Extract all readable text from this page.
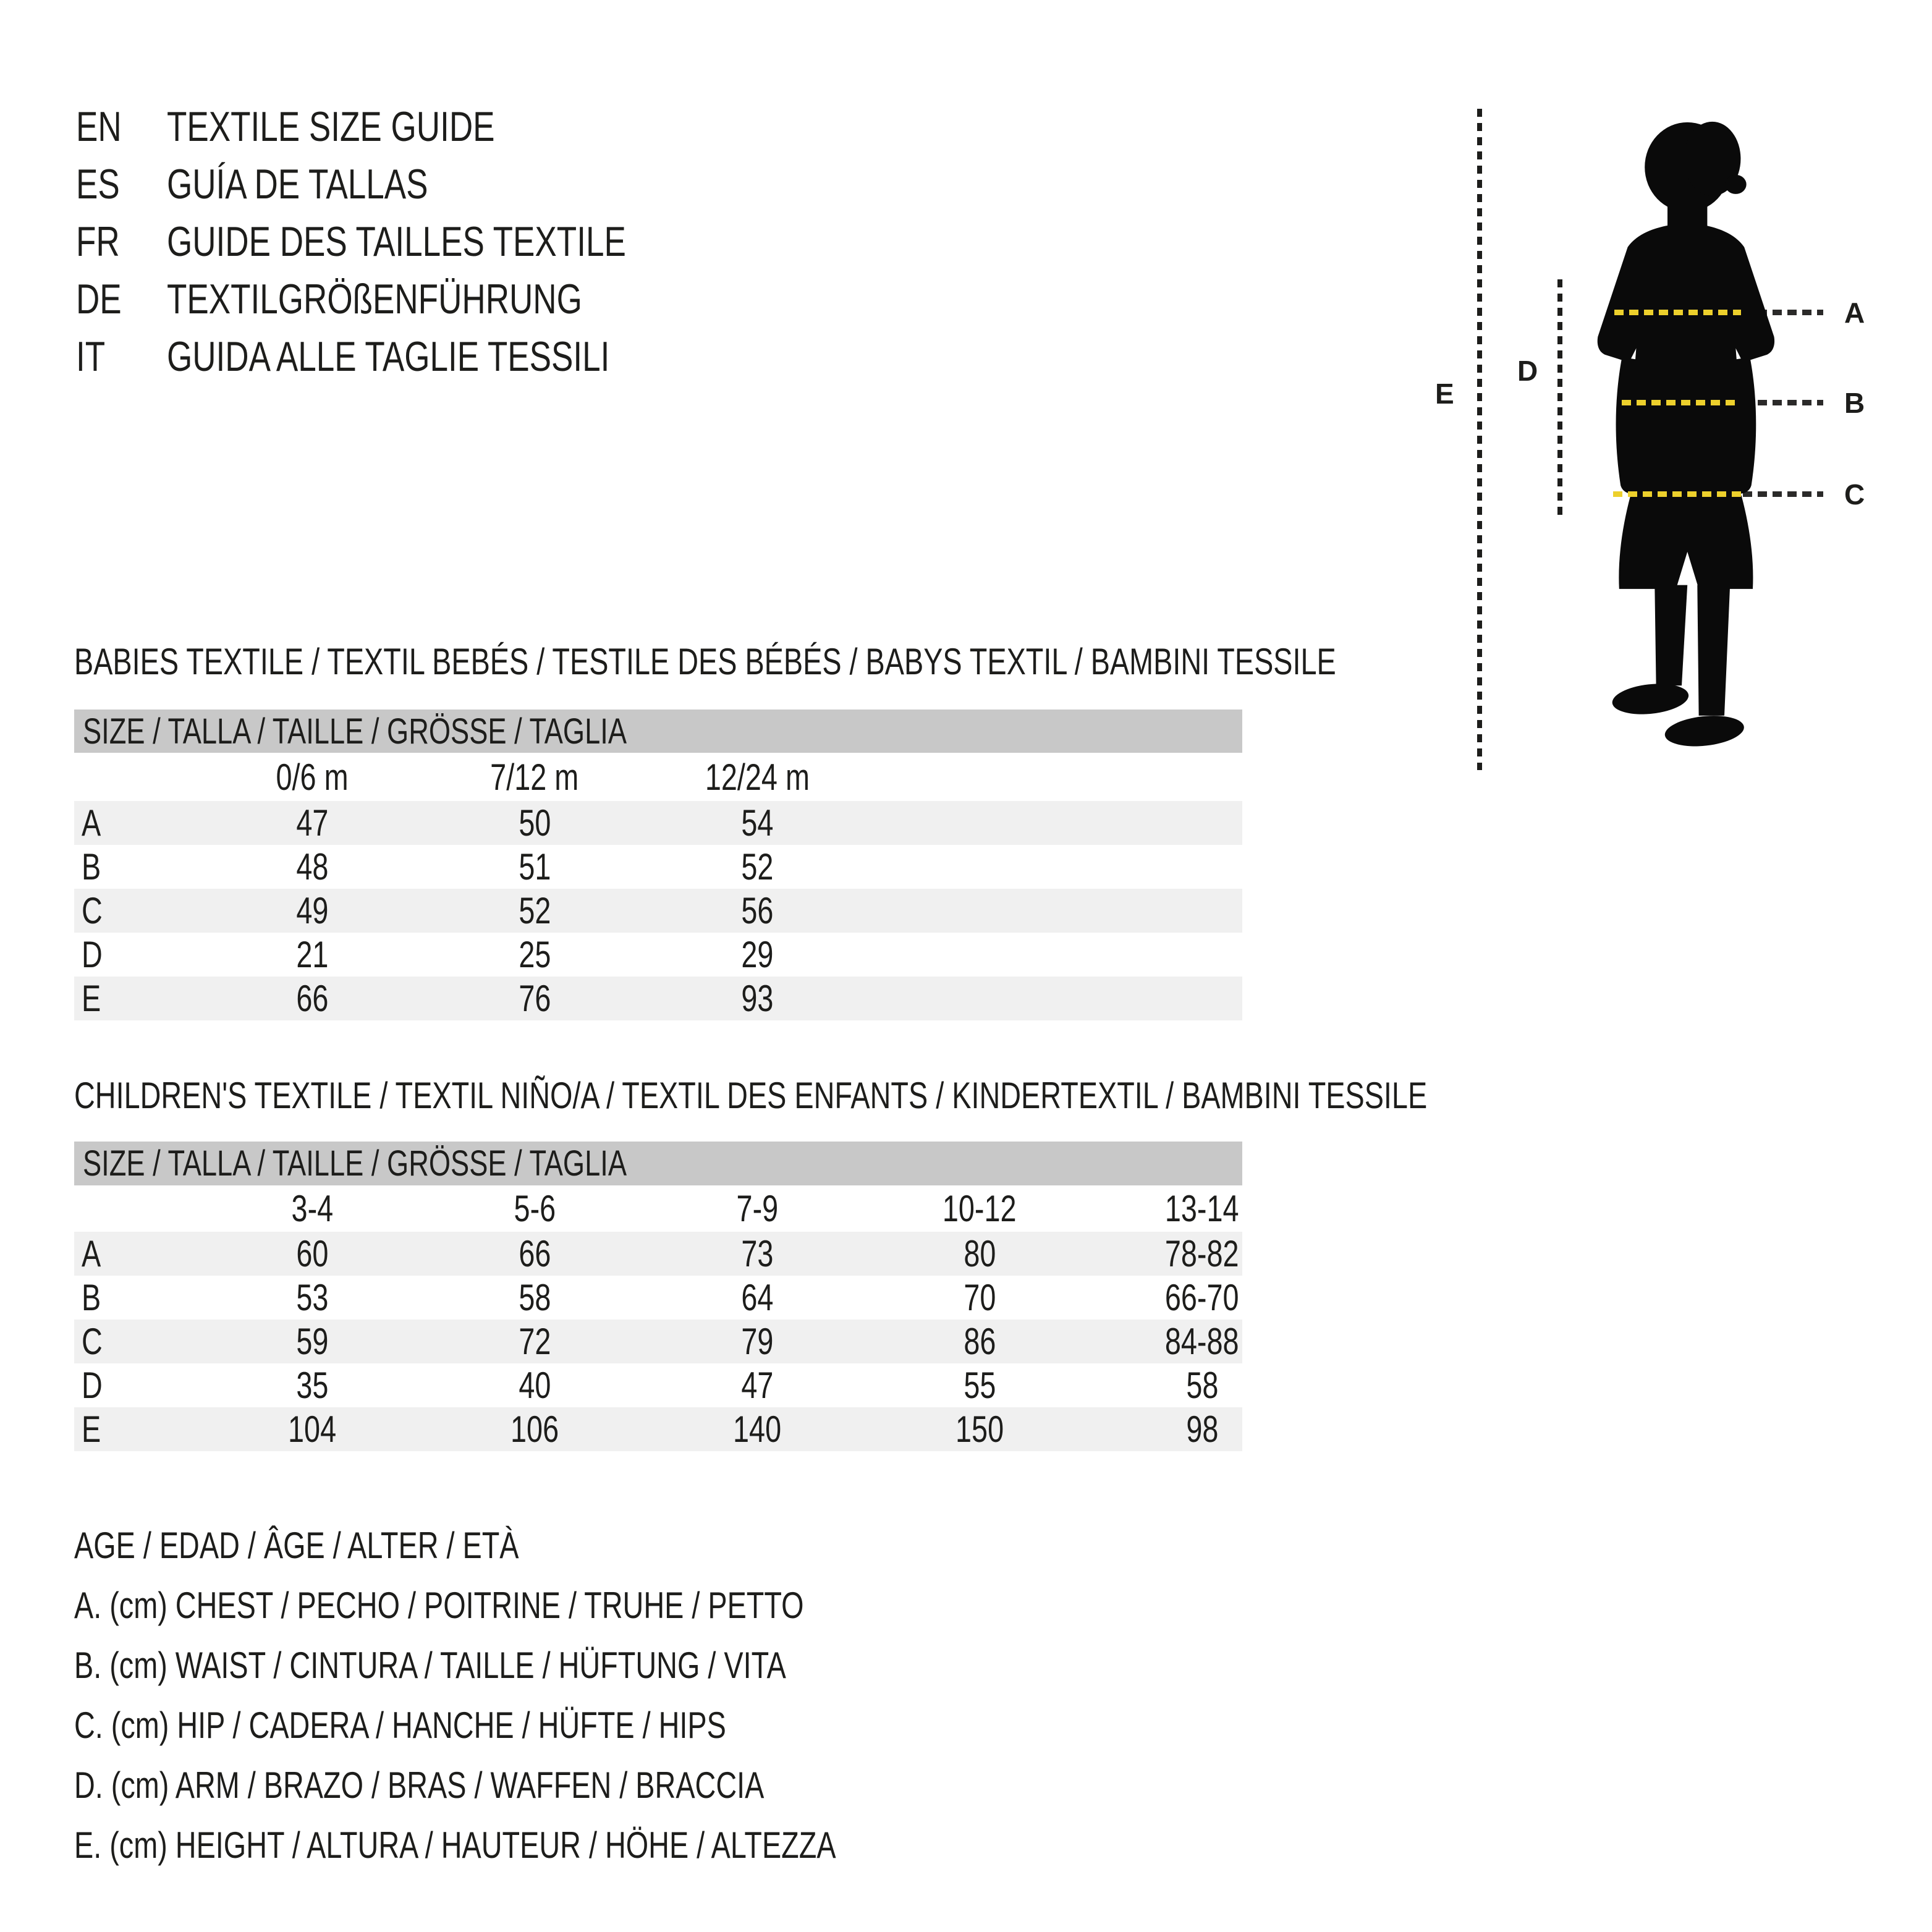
EN	TEXTILE SIZE GUIDE
ES	GUÍA DE TALLAS
FR	GUIDE DES TAILLES TEXTILE
DE	TEXTILGRÖßENFÜHRUNG
IT	GUIDA ALLE TAGLIE TESSILI
E
D
A
B
C
BABIES TEXTILE / TEXTIL BEBÉS / TESTILE DES BÉBÉS / BABYS TEXTIL / BAMBINI TESSILE
SIZE / TALLA / TAILLE / GRÖSSE / TAGLIA
0/6 m	7/12 m	12/24 m
A	47	50	54
B	48	51	52
C	49	52	56
D	21	25	29
E	66	76	93
CHILDREN'S TEXTILE / TEXTIL NIÑO/A / TEXTIL DES ENFANTS / KINDERTEXTIL / BAMBINI TESSILE
SIZE / TALLA / TAILLE / GRÖSSE / TAGLIA
3-4	5-6	7-9	10-12	13-14
A	60	66	73	80	78-82
B	53	58	64	70	66-70
C	59	72	79	86	84-88
D	35	40	47	55	58
E	104	106	140	150	98
AGE / EDAD / ÂGE / ALTER / ETÀ
A. (cm) CHEST / PECHO / POITRINE / TRUHE / PETTO
B. (cm) WAIST / CINTURA / TAILLE / HÜFTUNG / VITA
C. (cm) HIP / CADERA / HANCHE / HÜFTE / HIPS
D. (cm) ARM / BRAZO / BRAS / WAFFEN / BRACCIA
E. (cm) HEIGHT / ALTURA / HAUTEUR / HÖHE / ALTEZZA
